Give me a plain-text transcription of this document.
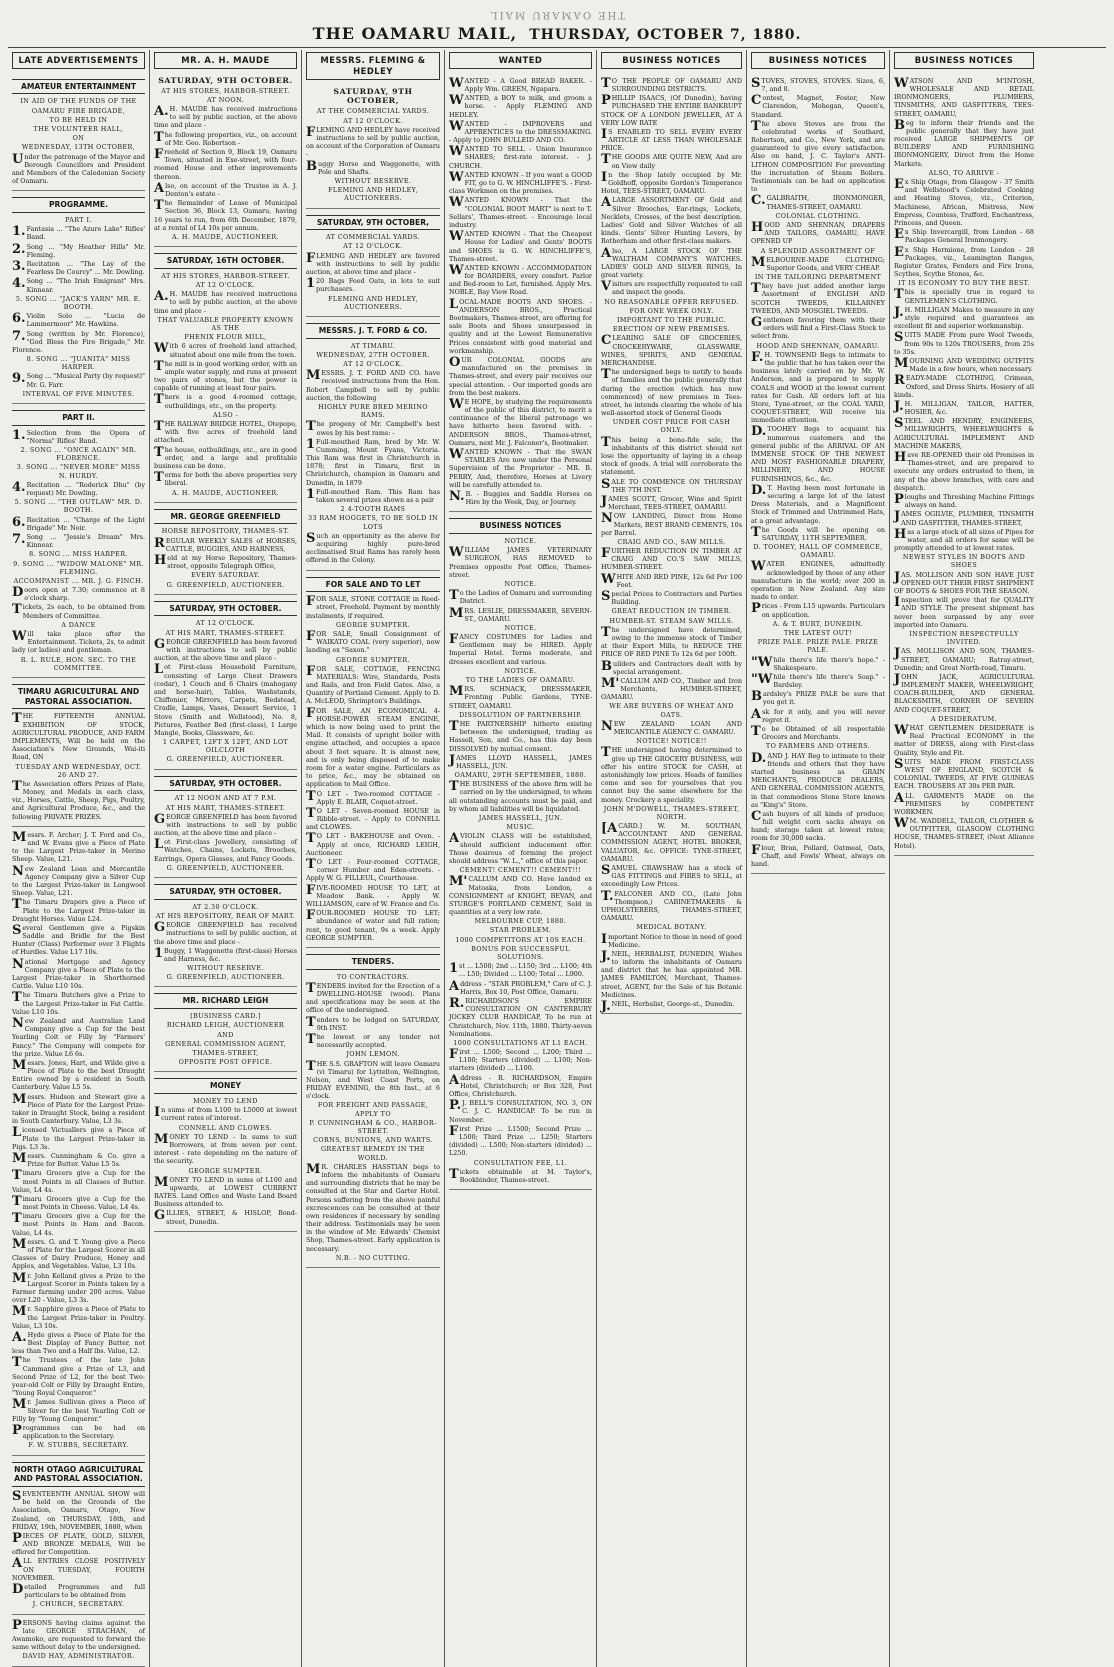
THE OAMARU MAIL
THE OAMARU MAIL, THURSDAY, OCTOBER 7, 1880.
LATE ADVERTISEMENTS
AMATEUR ENTERTAINMENT

IN AID OF THE FUNDS OF THE

OAMARU FIRE BRIGADE,

TO BE HELD IN

THE VOLUNTEER HALL,

ON

WEDNESDAY, 13TH OCTOBER,

Under the patronage of the Mayor and Borough Councillors and President and Members of the Caledonian Society of Oamaru.

PROGRAMME.

PART I.

1.Fantasia ... "The Azure Lake" Rifles' Band.

2.Song ... "My Heather Hills" Mr. Fleming.

3.Recitation ... "The Lay of the Fearless De Courcy" ... Mr. Dowling.

4.Song ... "The Irish Emigrant" Mrs. Kinnear.

5. SONG ... "JACK'S YARN" MR. E. BOOTH.

6.Violin Solo ... "Lucia de Lammermoor" Mr. Hawkins.

7.Song (written by Mr. Florence), "God Bless the Fire Brigade," Mr. Florence.

8. SONG ... "JUANITA" MISS HARPER.

9.Song ... "Musical Party (by request)" Mr. G. Farr.

INTERVAL OF FIVE MINUTES.

PART II.

1.Selection from the Opera of "Norma" Rifles' Band.

2. SONG ... "ONCE AGAIN" MR. FLORENCE.

3. SONG ... "NEVER MORE" MISS N. HURDY.

4.Recitation ... "Roderick Dhu" (by request) Mr. Dowling.

5. SONG ... "THE OUTLAW" MR. D. BOOTH.

6.Recitation ... "Charge of the Light Brigade" Mr. Noir.

7.Song ... "Jessie's Dream" Mrs. Kinnear.

8. SONG ... MISS HARPER.

9. SONG ... "WIDOW MALONE" MR. FLEMING.

ACCOMPANIST ... MR. J. G. FINCH.

Doors open at 7.30; commence at 8 o'clock sharp.

Tickets, 2s each, to be obtained from Members of Committee.

A DANCE

Will take place after the Entertainment. Tickets, 2s, to admit lady (or ladies) and gentleman.

R. L. RULE, HON. SEC. TO THE COMMITTEE.

TIMARU AGRICULTURAL AND PASTORAL ASSOCIATION.

THE FIFTEENTH ANNUAL EXHIBITION OF STOCK, AGRICULTURAL PRODUCE, AND FARM IMPLEMENTS, Will be held on the Association's New Grounds, Wai-iti Road, ON

TUESDAY AND WEDNESDAY, OCT. 26 AND 27.

The Association offers Prizes of Plate, Money, and Medals in each class, viz., Horses, Cattle, Sheep, Pigs, Poultry, and Agricultural Produce, &c., and the following PRIVATE PRIZES.

Messrs. F. Archer; J. T. Ford and Co., and W. Evans give a Piece of Plate to the Largest Prize-taker in Merino Sheep. Value, L21.

New Zealand Loan and Mercantile Agency Company give a Silver Cup to the Largest Prize-taker in Longwool Sheep. Value, L21.

The Timaru Drapers give a Piece of Plate to the Largest Prize-taker in Draught Horses. Value L24.

Several Gentlemen give a Pigskin Saddle and Bridle for the Best Hunter (Class) Performer over 3 Flights of Hurdles. Value L17 10s.

National Mortgage and Agency Company give a Piece of Plate to the Largest Prize-taker in Shorthorned Cattle. Value L10 10s.

The Timaru Butchers give a Prize to the Largest Prize-taker in Fat Cattle. Value L10 10s.

New Zealand and Australian Land Company give a Cup for the best Yearling Colt or Filly by "Farmers' Fancy." The Company will compete for the prize. Value L6 6s.

Messrs. Jones, Hart, and Wilde give a Piece of Plate to the best Draught Entire owned by a resident in South Canterbury. Value L5 5s.

Messrs. Hudson and Stewart give a Piece of Plate for the Largest Prize-taker in Draught Stock, being a resident in South Canterbury. Value, L3 3s.

Licensed Victuallers give a Piece of Plate to the Largest Prize-taker in Pigs. L3 3s.

Messrs. Cunningham & Co. give a Prize for Butter. Value L5 5s.

Timaru Grocers give a Cup for the most Points in all Classes of Butter. Value, L4 4s.

Timaru Grocers give a Cup for the most Points in Cheese. Value, L4 4s.

Timaru Grocers give a Cup for the most Points in Ham and Bacon. Value, L4 4s.

Messrs. G. and T. Young give a Piece of Plate for the Largest Scorer in all Classes of Dairy Produce, Honey and Apples, and Vegetables. Value, L3 10s.

Mr. John Kelland gives a Prize to the Largest Scorer in Points taken by a Farmer farming under 200 acres. Value over L20 - Value, L3 3s.

Mr. Sapphire gives a Piece of Plate to the Largest Prize-taker in Poultry. Value, L3 10s.

A.Hyde gives a Piece of Plate for the Best Display of Fancy Butter, not less than Two and a Half lbs. Value, L2.

The Trustees of the late John Cammand give a Prize of L3, and Second Prize of L2, for the best Two-year-old Colt or Filly by Draught Entire, "Young Royal Conqueror."

Mr. James Sullivan gives a Piece of Silver for the best Yearling Colt or Filly by "Young Conqueror."

Programmes can be had on application to the Secretary.

F. W. STUBBS, SECRETARY.

NORTH OTAGO AGRICULTURAL AND PASTORAL ASSOCIATION.

SEVENTEENTH ANNUAL SHOW will be held on the Grounds of the Association, Oamaru, Otago, New Zealand, on THURSDAY, 18th, and FRIDAY, 19th, NOVEMBER, 1880, when

PIECES OF PLATE, GOLD, SILVER, AND BRONZE MEDALS, Will be offered for Competition.

ALL ENTRIES CLOSE POSITIVELY ON TUESDAY, FOURTH NOVEMBER.

Detailed Programmes and full particulars to be obtained from

J. CHURCH, SECRETARY.

PERSONS having claims against the late GEORGE STRACHAN, of Awamoko, are requested to forward the same without delay to the undersigned.

DAVID HAY, ADMINISTRATOR.

MR. A. H. MAUDE
SATURDAY, 9TH OCTOBER.

AT HIS STORES, HARBOR-STREET.

AT NOON.

A.H. MAUDE has received instructions to sell by public auction, at the above time and place -

The following properties, viz., on account of Mr. Geo. Robertson -

Freehold of Section 9, Block 19, Oamaru Town, situated in Exe-street, with four-roomed House and other improvements thereon.

Also, on account of the Trustee in A. J. Denton's estate -

The Remainder of Lease of Municipal Section 36, Block 13, Oamaru, having 16 years to run, from 6th December, 1879, at a rental of L4 10s per annum.

A. H. MAUDE, AUCTIONEER.

SATURDAY, 16TH OCTOBER.

AT HIS STORES, HARBOR-STREET.

AT 12 O'CLOCK.

A.H. MAUDE has received instructions to sell by public auction, at the above time and place -

THAT VALUABLE PROPERTY KNOWN AS THE

PHENIX FLOUR MILL,

With 6 acres of freehold land attached, situated about one mile from the town.

The mill is in good working order, with an ample water supply, and runs at present two pairs of stones, but the power is capable of running at least four pairs.

There is a good 4-roomed cottage, outbuildings, etc., on the property.

ALSO -

THE RAILWAY BRIDGE HOTEL, Otepopo, with five acres of freehold land attached.

The house, outbuildings, etc., are in good order, and a large and profitable business can be done.

Terms for both the above properties very liberal.

A. H. MAUDE, AUCTIONEER.

MR. GEORGE GREENFIELD

HORSE REPOSITORY, THAMES-ST.

REGULAR WEEKLY SALES of HORSES, CATTLE, BUGGIES, AND HARNESS,

Held at my Horse Repository, Thames-street, opposite Telegraph Office,

EVERY SATURDAY.

G. GREENFIELD, AUCTIONEER.

SATURDAY, 9TH OCTOBER.

AT 12 O'CLOCK.

AT HIS MART, THAMES-STREET.

GEORGE GREENFIELD has been favored with instructions to sell by public auction, at the above time and place -

Lot First-class Household Furniture, consisting of Large Chest Drawers (cedar), 1 Couch and 6 Chairs (mahogany and horse-hair), Tables, Washstands, Chiffonier, Mirrors, Carpets, Bedstead, Cradle, Lamps, Vases, Dessert Service, 1 Stove (Smith and Wellstood), No. 8, Pictures, Feather Bed (first-class), 1 Large Mangle, Books, Glassware, &c.

1 CARPET, 12FT X 12FT, AND LOT OILCLOTH

G. GREENFIELD, AUCTIONEER.

SATURDAY, 9TH OCTOBER.

AT 12 NOON AND AT 7 P.M.

AT HIS MART, THAMES-STREET.

GEORGE GREENFIELD has been favored with instructions to sell by public auction, at the above time and place -

Lot First-class Jewellery, consisting of Watches, Chains, Lockets, Brooches, Earrings, Opera Glasses, and Fancy Goods.

G. GREENFIELD, AUCTIONEER.

SATURDAY, 9TH OCTOBER.

AT 2.30 O'CLOCK.

AT HIS REPOSITORY, REAR OF MART.

GEORGE GREENFIELD has received instructions to sell by public auction, at the above time and place -

1Buggy, 1 Waggonette (first-class) Horses and Harness, &c.

WITHOUT RESERVE.

G. GREENFIELD, AUCTIONEER.

MR. RICHARD LEIGH

[BUSINESS CARD.]

RICHARD LEIGH, AUCTIONEER

AND

GENERAL COMMISSION AGENT,

THAMES-STREET,

OPPOSITE POST OFFICE.

MONEY

MONEY TO LEND

In sums of from L100 to L5000 at lowest current rates of interest.

CONNELL AND CLOWES.

MONEY TO LEND - In sums to suit Borrowers, at from seven per cent. interest - rate depending on the nature of the security.

GEORGE SUMPTER.

MONEY TO LEND in sums of L100 and upwards, at LOWEST CURRENT RATES. Land Office and Waste Land Board Business attended to.

GILLIES, STREET, & HISLOP, Bond-street, Dunedin.

MESSRS. FLEMING & HEDLEY
SATURDAY, 9TH OCTOBER,

AT THE COMMERCIAL YARDS.

AT 12 O'CLOCK.

FLEMING AND HEDLEY have received instructions to sell by public auction, on account of the Corporation of Oamaru -

Buggy Horse and Waggonette, with Pole and Shafts.

WITHOUT RESERVE.

FLEMING AND HEDLEY, AUCTIONEERS.

SATURDAY, 9TH OCTOBER,

AT COMMERCIAL YARDS.

AT 12 O'CLOCK.

FLEMING AND HEDLEY are favored with instructions to sell by public auction, at above time and place -

120 Bags Feed Oats, in lots to suit purchasers.

FLEMING AND HEDLEY, AUCTIONEERS.

MESSRS. J. T. FORD & CO.

AT TIMARU.

WEDNESDAY, 27TH OCTOBER.

AT 12 O'CLOCK.

MESSRS. J. T. FORD AND CO. have received instructions from the Hon. Robert Campbell to sell by public auction, the following

HIGHLY PURE BRED MERINO RAMS.

The progeny of Mr. Campbell's best ewes by his best rams: -

1Full-mouthed Ram, bred by Mr. W. Cumming, Mount Fyans, Victoria. This Ram was first in Christchurch in 1878; first in Timaru, first in Christchurch, champion in Oamaru and Dunedin, in 1879

1Full-mouthed Ram. This Ram has taken several prizes shown as a pair

2 4-TOOTH RAMS

33 RAM HOGGETS, TO BE SOLD IN LOTS

Such an opportunity as the above for acquiring highly pure-bred acclimatised Stud Rams has rarely been offered in the Colony.

FOR SALE AND TO LET

FOR SALE, STONE COTTAGE in Reed-street, Freehold. Payment by monthly instalments, if required.

GEORGE SUMPTER.

FOR SALE, Small Consignment of WAIKATO COAL (very superior), now landing ex "Saxon."

GEORGE SUMPTER.

FOR SALE, COTTAGE, FENCING MATERIALS: Wire, Standards, Posts and Rails, and Iron Field Gates. Also, a Quantity of Portland Cement. Apply to D. A. McLEOD, Shrimpton's Buildings.

FOR SALE, AN ECONOMICAL 4-HORSE-POWER STEAM ENGINE, which is now being used to print the Mail. It consists of upright boiler with engine attached, and occupies a space about 3 feet square. It is almost new, and is only being disposed of to make room for a water engine. Particulars as to price, &c., may be obtained on application to Mail Office.

TO LET - Two-roomed COTTAGE - Apply E. BLAIR, Coquet-street.

TO LET - Seven-roomed HOUSE in Ribble-street. - Apply to CONNELL and CLOWES.

TO LET - BAKEHOUSE and Oven. - Apply at once, RICHARD LEIGH, Auctioneer.

TO LET - Four-roomed COTTAGE, corner Humber and Eden-streets. - Apply W. G. FILLEUL, Courthouse.

FIVE-ROOMED HOUSE TO LET, at Meadow Bank. - Apply W. WILLIAMSON, care of W. France and Co.

FOUR-ROOMED HOUSE TO LET; abundance of water and full ration; rent, to good tenant, 9s a week. Apply GEORGE SUMPTER.

TENDERS.

TO CONTRACTORS.

TENDERS invited for the Erection of a DWELLING-HOUSE (wood). Plans and specifications may be seen at the office of the undersigned.

Tenders to be lodged on SATURDAY, 9th INST.

The lowest or any tender not necessarily accepted.

JOHN LEMON.

THE S.S. GRAFTON will leave Oamaru (vi Timaru) for Lyttelton, Wellington, Nelson, and West Coast Ports, on FRIDAY EVENING, the 8th Inst., at 6 o'clock.

FOR FREIGHT AND PASSAGE, APPLY TO

P. CUNNINGHAM & CO., HARBOR-STREET.

CORNS, BUNIONS, AND WARTS.

GREATEST REMEDY IN THE WORLD.

MR. CHARLES HASSTIAN begs to inform the inhabitants of Oamaru and surrounding districts that he may be consulted at the Star and Garter Hotel. Persons suffering from the above painful excrescences can be consulted at their own residences if necessary by sending their address. Testimonials may be seen in the window of Mr. Edwards' Chemist Shop, Thames-street. Early application is necessary.

N.B. - NO CUTTING.

WANTED

WANTED - A Good BREAD BAKER. - Apply Wm. GREEN, Ngapara.

WANTED, a BOY to milk, and groom a horse. - Apply FLEMING AND HEDLEY.

WANTED - IMPROVERS and APPRENTICES to the DRESSMAKING. - Apply to JOHN BULLEID AND CO.

WANTED TO SELL - Union Insurance SHARES; first-rate interest. - J. CHURCH.

WANTED KNOWN - If you want a GOOD FIT, go to G. W. HINCHLIFFE'S. - First-class Workmen on the premises.

WANTED KNOWN - That the "COLONIAL BOOT MART" is next to T. Sellars', Thames-street. - Encourage local industry.

WANTED KNOWN - That the Cheapest House for Ladies' and Gents' BOOTS and SHOES is G. W. HINCHLIFFE'S, Thames-street.

WANTED KNOWN - ACCOMMODATION for BOARDERS, every comfort. Parlor and Bed-room to Let, furnished. Apply Mrs. NOBLE, Bay View Road.

LOCAL-MADE BOOTS AND SHOES. - ANDERSON BROS., Practical Bootmakers, Thames-street, are offering for sale Boots and Shoes unsurpassed in quality and at the Lowest Remunerative Prices consistent with good material and workmanship.

OUR COLONIAL GOODS are manufactured on the premises in Thames-street, and every pair receives our special attention. - Our imported goods are from the best makers.

WE HOPE, by studying the requirements of the public of this district, to merit a continuance of the liberal patronage we have hitherto been favored with. - ANDERSON BROS., Thames-street, Oamaru, next Mr. J. Falconer's, Bootmaker.

WANTED KNOWN - That the SWAN STABLES Are now under the Personal Supervision of the Proprietor - MR. B. PERRY, And, therefore, Horses at Livery will be carefully attended to.

N.B. - Buggies and Saddle Horses on Hire by the Week, Day, or Journey.

BUSINESS NOTICES

NOTICE.

WILLIAM JAMES VETERINARY SURGEON, HAS REMOVED to Premises opposite Post Office, Thames-street.

NOTICE.

To the Ladies of Oamaru and surrounding District.

MRS. LESLIE, DRESSMAKER, SEVERN-ST., OAMARU.

NOTICE.

FANCY COSTUMES for Ladies and Gentlemen may be HIRED. Apply Imperial Hotel. Terms moderate, and dresses excellent and various.

NOTICE.

TO THE LADIES OF OAMARU.

MRS. SCHNACK, DRESSMAKER, Fronting Public Gardens, TYNE-STREET, OAMARU.

DISSOLUTION OF PARTNERSHIP.

THE PARTNERSHIP hitherto existing between the undersigned, trading as Hassell, Son, and Co., has this day been DISSOLVED by mutual consent.

JAMES LLOYD HASSELL, JAMES HASSELL, JUN.

OAMARU, 29TH SEPTEMBER, 1880.

THE BUSINESS of the above firm will be carried on by the undersigned, to whom all outstanding accounts must be paid, and by whom all liabilities will be liquidated.

JAMES HASSELL, JUN.

MUSIC.

AVIOLIN CLASS will be established, should sufficient inducement offer. Those desirous of forming the project should address "W. L.," office of this paper.

CEMENT! CEMENT!! CEMENT!!!

M'CALLUM AND CO. Have landed ex Matoaka, from London, a CONSIGNMENT of KNIGHT, BEVAN, and STURGE'S PORTLAND CEMENT, Sold in quantities at a very low rate.

MELBOURNE CUP, 1880.

STAR PROBLEM.

1000 COMPETITORS AT 10S EACH.

BONUS FOR SUCCESSFUL SOLUTIONS.

1st ... L500; 2nd ... L150; 3rd ... L100; 4th ... L50; Divided ... L100; Total ... L900.

Address - "STAR PROBLEM," Care of C. J. Harris, Box 10, Post Office, Oamaru.

R.RICHARDSON'S EMPIRE CONSULTATION ON CANTERBURY JOCKEY CLUB HANDICAP, To be run at Christchurch, Nov. 11th, 1880. Thirty-seven Nominations.

1000 CONSULTATIONS AT L1 EACH.

First ... L500; Second ... L200; Third ... L100; Starters (divided) ... L100; Non-starters (divided) ... L100.

Address - R. RICHARDSON, Empire Hotel, Christchurch; or Box 328, Post Office, Christchurch.

P.J. BELL'S CONSULTATION, NO. 3, ON C. J. C. HANDICAP. To be run in November.

First Prize ... L1500; Second Prize ... L500; Third Prize ... L250; Starters (divided) ... L500; Non-starters (divided) ... L250.

CONSULTATION FEE, L1.

Tickets obtainable at M. Taylor's, Bookbinder, Thames-street.

BUSINESS NOTICES

TO THE PEOPLE OF OAMARU AND SURROUNDING DISTRICTS.

PHILLIP ISAACS, (Of Dunedin), having PURCHASED THE ENTIRE BANKRUPT STOCK OF A LONDON JEWELLER, AT A VERY LOW RATE

IS ENABLED TO SELL EVERY EVERY ARTICLE AT LESS THAN WHOLESALE PRICE.

THE GOODS ARE QUITE NEW, And are on View daily

In the Shop lately occupied by Mr. Goldhoff, opposite Gordon's Temperance Hotel, TEES-STREET, OAMARU.

ALARGE ASSORTMENT OF Gold and Silver Brooches, Ear-rings, Lockets, Necklets, Crosses, of the best description. Ladies' Gold and Silver Watches of all kinds. Gents' Silver Hunting Levers, by Rotherham and other first-class makers.

Also, A LARGE STOCK OF THE WALTHAM COMPANY'S WATCHES. LADIES' GOLD AND SILVER RINGS, In great variety.

Visitors are respectfully requested to call and inspect the goods.

NO REASONABLE OFFER REFUSED.

FOR ONE WEEK ONLY.

IMPORTANT TO THE PUBLIC.

ERECTION OF NEW PREMISES.

CLEARING SALE OF GROCERIES, CROCKERYWARE, GLASSWARE, WINES, SPIRITS, AND GENERAL MERCHANDISE.

The undersigned begs to notify to heads of families and the public generally that during the erection (which has now commenced) of new premises in Tees-street, he intends clearing the whole of his well-assorted stock of General Goods

UNDER COST PRICE FOR CASH ONLY.

This being a bona-fide sale, the inhabitants of this district should not lose the opportunity of laying in a cheap stock of goods. A trial will corroborate the statement.

SALE TO COMMENCE ON THURSDAY THE 7TH INST.

JAMES SCOTT, Grocer, Wine and Spirit Merchant, TEES-STREET, OAMARU.

NOW LANDING, Direct from Home Markets, BEST BRAND CEMENTS, 10s per Barrel.

CRAIG AND CO., SAW MILLS.

FURTHER REDUCTION IN TIMBER AT CRAIG AND CO.'S SAW MILLS, HUMBER-STREET.

WHITE AND RED PINE, 12s 6d Per 100 Feet.

Special Prices to Contractors and Parties Building.

GREAT REDUCTION IN TIMBER.

HUMBER-ST. STEAM SAW MILLS.

The undersigned have determined, owing to the immense stock of Timber at their Export Mills, to REDUCE THE PRICE OF RED PINE To 12s 6d per 100ft.

Builders and Contractors dealt with by special arrangement.

M'CALLUM AND CO., Timber and Iron Merchants, HUMBER-STREET, OAMARU.

WE ARE BUYERS OF WHEAT AND OATS.

NEW ZEALAND LOAN AND MERCANTILE AGENCY C. OAMARU.

NOTICE! NOTICE!!

THE undersigned having determined to give up THE GROCERY BUSINESS, will offer his entire STOCK for CASH, at astonishingly low prices. Heads of families come and see for yourselves that you cannot buy the same elsewhere for the money. Crockery a speciality.

JOHN M'DOWELL, THAMES-STREET, NORTH.

[ACARD.] W. M. SOUTHAN, ACCOUNTANT AND GENERAL COMMISSION AGENT, HOTEL BROKER, VALUATOR, &c. OFFICE: TYNE-STREET, OAMARU.

SAMUEL CRAWSHAW has a stock of GAS FITTINGS and FIRES to SELL, at exceedingly Low Prices.

T.FALCONER AND CO., (Late John Thompson,) CABINETMAKERS & UPHOLSTERERS, THAMES-STREET, OAMARU.

MEDICAL BOTANY.

Important Notice to those in need of good Medicine.

J.NEIL, HERBALIST, DUNEDIN, Wishes to inform the inhabitants of Oamaru and district that he has appointed MR. JAMES FAMILTON, Merchant, Thames-street, AGENT, for the Sale of his Botanic Medicines.

J.NEIL, Herbalist, George-st., Dunedin.

BUSINESS NOTICES

STOVES, STOVES, STOVES. Sizes, 6, 7, and 8.

Contest, Magnet, Foster, New Clarendon, Mohegan, Queen's, Standard.

The above Stoves are from the celebrated works of Southard, Robertson, and Co., New York, and are guaranteed to give every satisfaction. Also on hand, J. C. Taylor's ANTI-LITHON COMPOSITION For preventing the incrustation of Steam Boilers. Testimonials can be had on application to

C.GALBRAITH, IRONMONGER, THAMES-STREET, OAMARU.

COLONIAL CLOTHING.

HOOD AND SHENNAN, DRAPERS AND TAILORS, OAMARU, HAVE OPENED UP

A SPLENDID ASSORTMENT OF

MELBOURNE-MADE CLOTHING; Superior Goods, and VERY CHEAP.

IN THE TAILORING DEPARTMENT

They have just added another large Assortment of ENGLISH AND SCOTCH TWEEDS, KILLARNEY TWEEDS, AND MOSGIEL TWEEDS.

Gentlemen favoring them with their orders will find a First-Class Stock to select from.

HOOD AND SHENNAN, OAMARU.

F.H. TOWNSEND Begs to intimate to the public that he has taken over the business lately carried on by Mr. W. Anderson, and is prepared to supply COALS and WOOD at the lowest current rates for Cash. All orders left at his Store, Tyne-street, or the COAL YARD, COQUET-STREET, Will receive his immediate attention.

D.TOOHEY Begs to acquaint his numerous customers and the general public of the ARRIVAL OF AN IMMENSE STOCK OF THE NEWEST AND MOST FASHIONABLE DRAPERY, MILLINERY, AND HOUSE FURNISHINGS, &c., &c.

D.T. Having been most fortunate in securing a large lot of the latest Dress Materials, and a Magnificent Stock of Trimmed and Untrimmed Hats, at a great advantage.

The Goods will be opening on SATURDAY, 11TH SEPTEMBER.

D. TOOHEY, HALL OF COMMERCE, OAMARU.

WATER ENGINES, admittedly acknowledged by those of any other manufacture in the world; over 200 in operation in New Zealand. Any size made to order.

Prices - From L15 upwards. Particulars on application.

A. & T. BURT, DUNEDIN.

THE LATEST OUT!

PRIZE PALE. PRIZE PALE. PRIZE PALE.

"While there's life there's hope." - Shakespeare.

"While there's life there's Soap." - Bardsley.

Bardsley's PRIZE PALE be sure that you get it.

Ask for it only, and you will never regret it.

To be Obtained of all respectable Grocers and Merchants.

TO FARMERS AND OTHERS.

D.AND J. HAY Beg to intimate to their friends and others that they have started business as GRAIN MERCHANTS, PRODUCE DEALERS, AND GENERAL COMMISSION AGENTS, in that commodious Stone Store known as "King's" Store.

Cash buyers of all kinds of produce; full weight corn sacks always on hand; storage taken at lowest rates; room for 30,000 sacks.

Flour, Bran, Pollard, Oatmeal, Oats, Chaff, and Fowls' Wheat, always on hand.

BUSINESS NOTICES

WATSON AND M'INTOSH, WHOLESALE AND RETAIL IRONMONGERS, PLUMBERS, TINSMITHS, AND GASFITTERS, TEES-STREET, OAMARU,

Beg to inform their friends and the public generally that they have just received LARGE SHIPMENTS OF BUILDERS' AND FURNISHING IRONMONGERY, Direct from the Home Markets.

ALSO, TO ARRIVE -

Ex Ship Otago, from Glasgow - 37 Smith and Wellstood's Celebrated Cooking and Heating Stoves, viz., Criterion, Machinese, African, Mistress, New Empress, Countess, Trafford, Enchantress, Princess, and Queen.

Ex Ship Invercargill, from London - 68 Packages General Ironmongery.

Ex Ship Hermione, from London - 28 Packages, viz., Leamington Ranges, Register Grates, Fenders and Fire Irons, Scythes, Scythe Stones, &c.

IT IS ECONOMY TO BUY THE BEST.

This is specially true in regard to GENTLEMEN'S CLOTHING.

J.H. MILLIGAN Makes to measure in any style required and guarantees an excellent fit and superior workmanship.

SUITS MADE From pure Wool Tweeds, from 90s to 120s TROUSERS, from 25s to 35s.

MOURNING AND WEDDING OUTFITS Made in a few hours, when necessary.

READY-MADE CLOTHING, Crimean, Oxford, and Dress Shirts. Hosiery of all kinds.

J.H. MILLIGAN, TAILOR, HATTER, HOSIER, &c.

STEEL AND HENDRY, ENGINEERS, MILLWRIGHTS, WHEELWRIGHTS & AGRICULTURAL IMPLEMENT AND MACHINE MAKERS,

Have RE-OPENED their old Premises in Thames-street, and are prepared to execute any orders entrusted to them, in any of the above branches, with care and despatch.

Ploughs and Threshing Machine Fittings always on hand.

JAMES OGILVIE, PLUMBER, TINSMITH AND GASFITTER, THAMES-STREET,

Has a large stock of all sizes of Pipes for water, and all orders for same will be promptly attended to at lowest rates.

NEWEST STYLES IN BOOTS AND SHOES

JAS. MOLLISON AND SON HAVE JUST OPENED OUT THEIR FIRST SHIPMENT OF BOOTS & SHOES FOR THE SEASON.

Inspection will prove that for QUALITY AND STYLE The present shipment has never been surpassed by any ever imported into Oamaru.

INSPECTION RESPECTFULLY INVITED.

JAS. MOLLISON AND SON, THAMES-STREET, OAMARU; Ratray-street, Dunedin; and Great North-road, Timaru.

JOHN JACK, AGRICULTURAL IMPLEMENT MAKER, WHEELWRIGHT, COACH-BUILDER, AND GENERAL BLACKSMITH, CORNER OF SEVERN AND COQUET-STREET,

A DESIDERATUM.

WHAT GENTLEMEN DESIDERATE is Real Practical ECONOMY in the matter of DRESS, along with First-class Quality, Style and Fit.

SUITS MADE FROM FIRST-CLASS WEST OF ENGLAND, SCOTCH & COLONIAL TWEEDS, AT FIVE GUINEAS EACH. TROUSERS AT 30s PER PAIR.

ALL GARMENTS MADE on the PREMISES by COMPETENT WORKMEN.

WM. WADDELL, TAILOR, CLOTHIER & OUTFITTER, GLASGOW CLOTHING HOUSE, THAMES-STREET, (Next Alliance Hotel).
